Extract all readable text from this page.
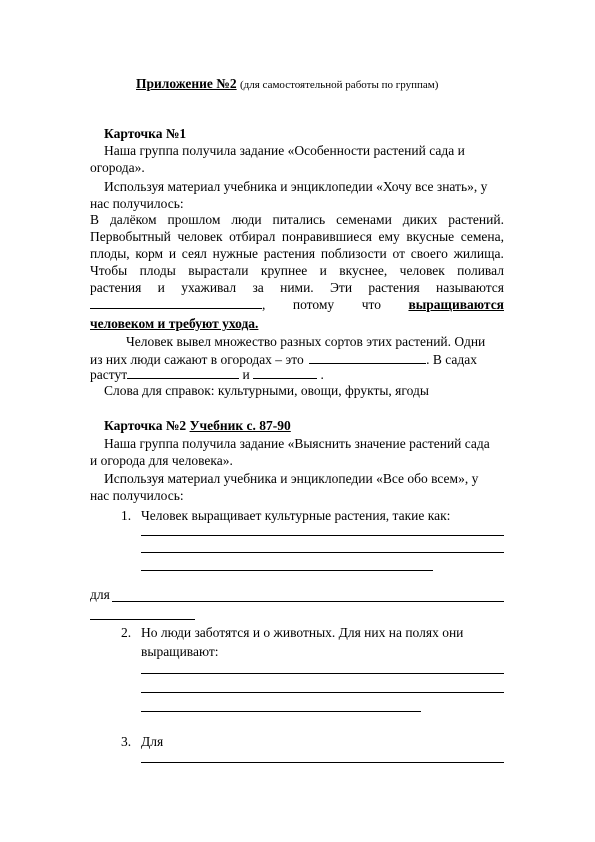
Приложение №2 (для самостоятельной работы по группам)
Карточка №1
Наша группа получила задание «Особенности растений сада и
огорода».
Используя материал учебника и энциклопедии «Хочу все знать», у
нас получилось:
В далёком прошлом люди питались семенами диких растений.
Первобытный человек отбирал понравившиеся ему вкусные семена,
плоды, корм и сеял нужные растения поблизости от своего жилища.
Чтобы плоды вырастали крупнее и вкуснее, человек поливал
растения и ухаживал за ними. Эти растения называются
, потому что выращиваются
человеком и требуют ухода.
Человек вывел множество разных сортов этих растений. Одни
из них люди сажают в огородах – это	. В садах
растут	и	.
Слова для справок: культурными, овощи, фрукты, ягоды
Карточка №2 Учебник с. 87-90
Наша группа получила задание «Выяснить значение растений сада
и огорода для человека».
Используя материал учебника и энциклопедии «Все обо всем», у
нас получилось:
1. Человек выращивает культурные растения, такие как:
для
2. Но люди заботятся и о животных. Для них на полях они
выращивают:
3. Для
